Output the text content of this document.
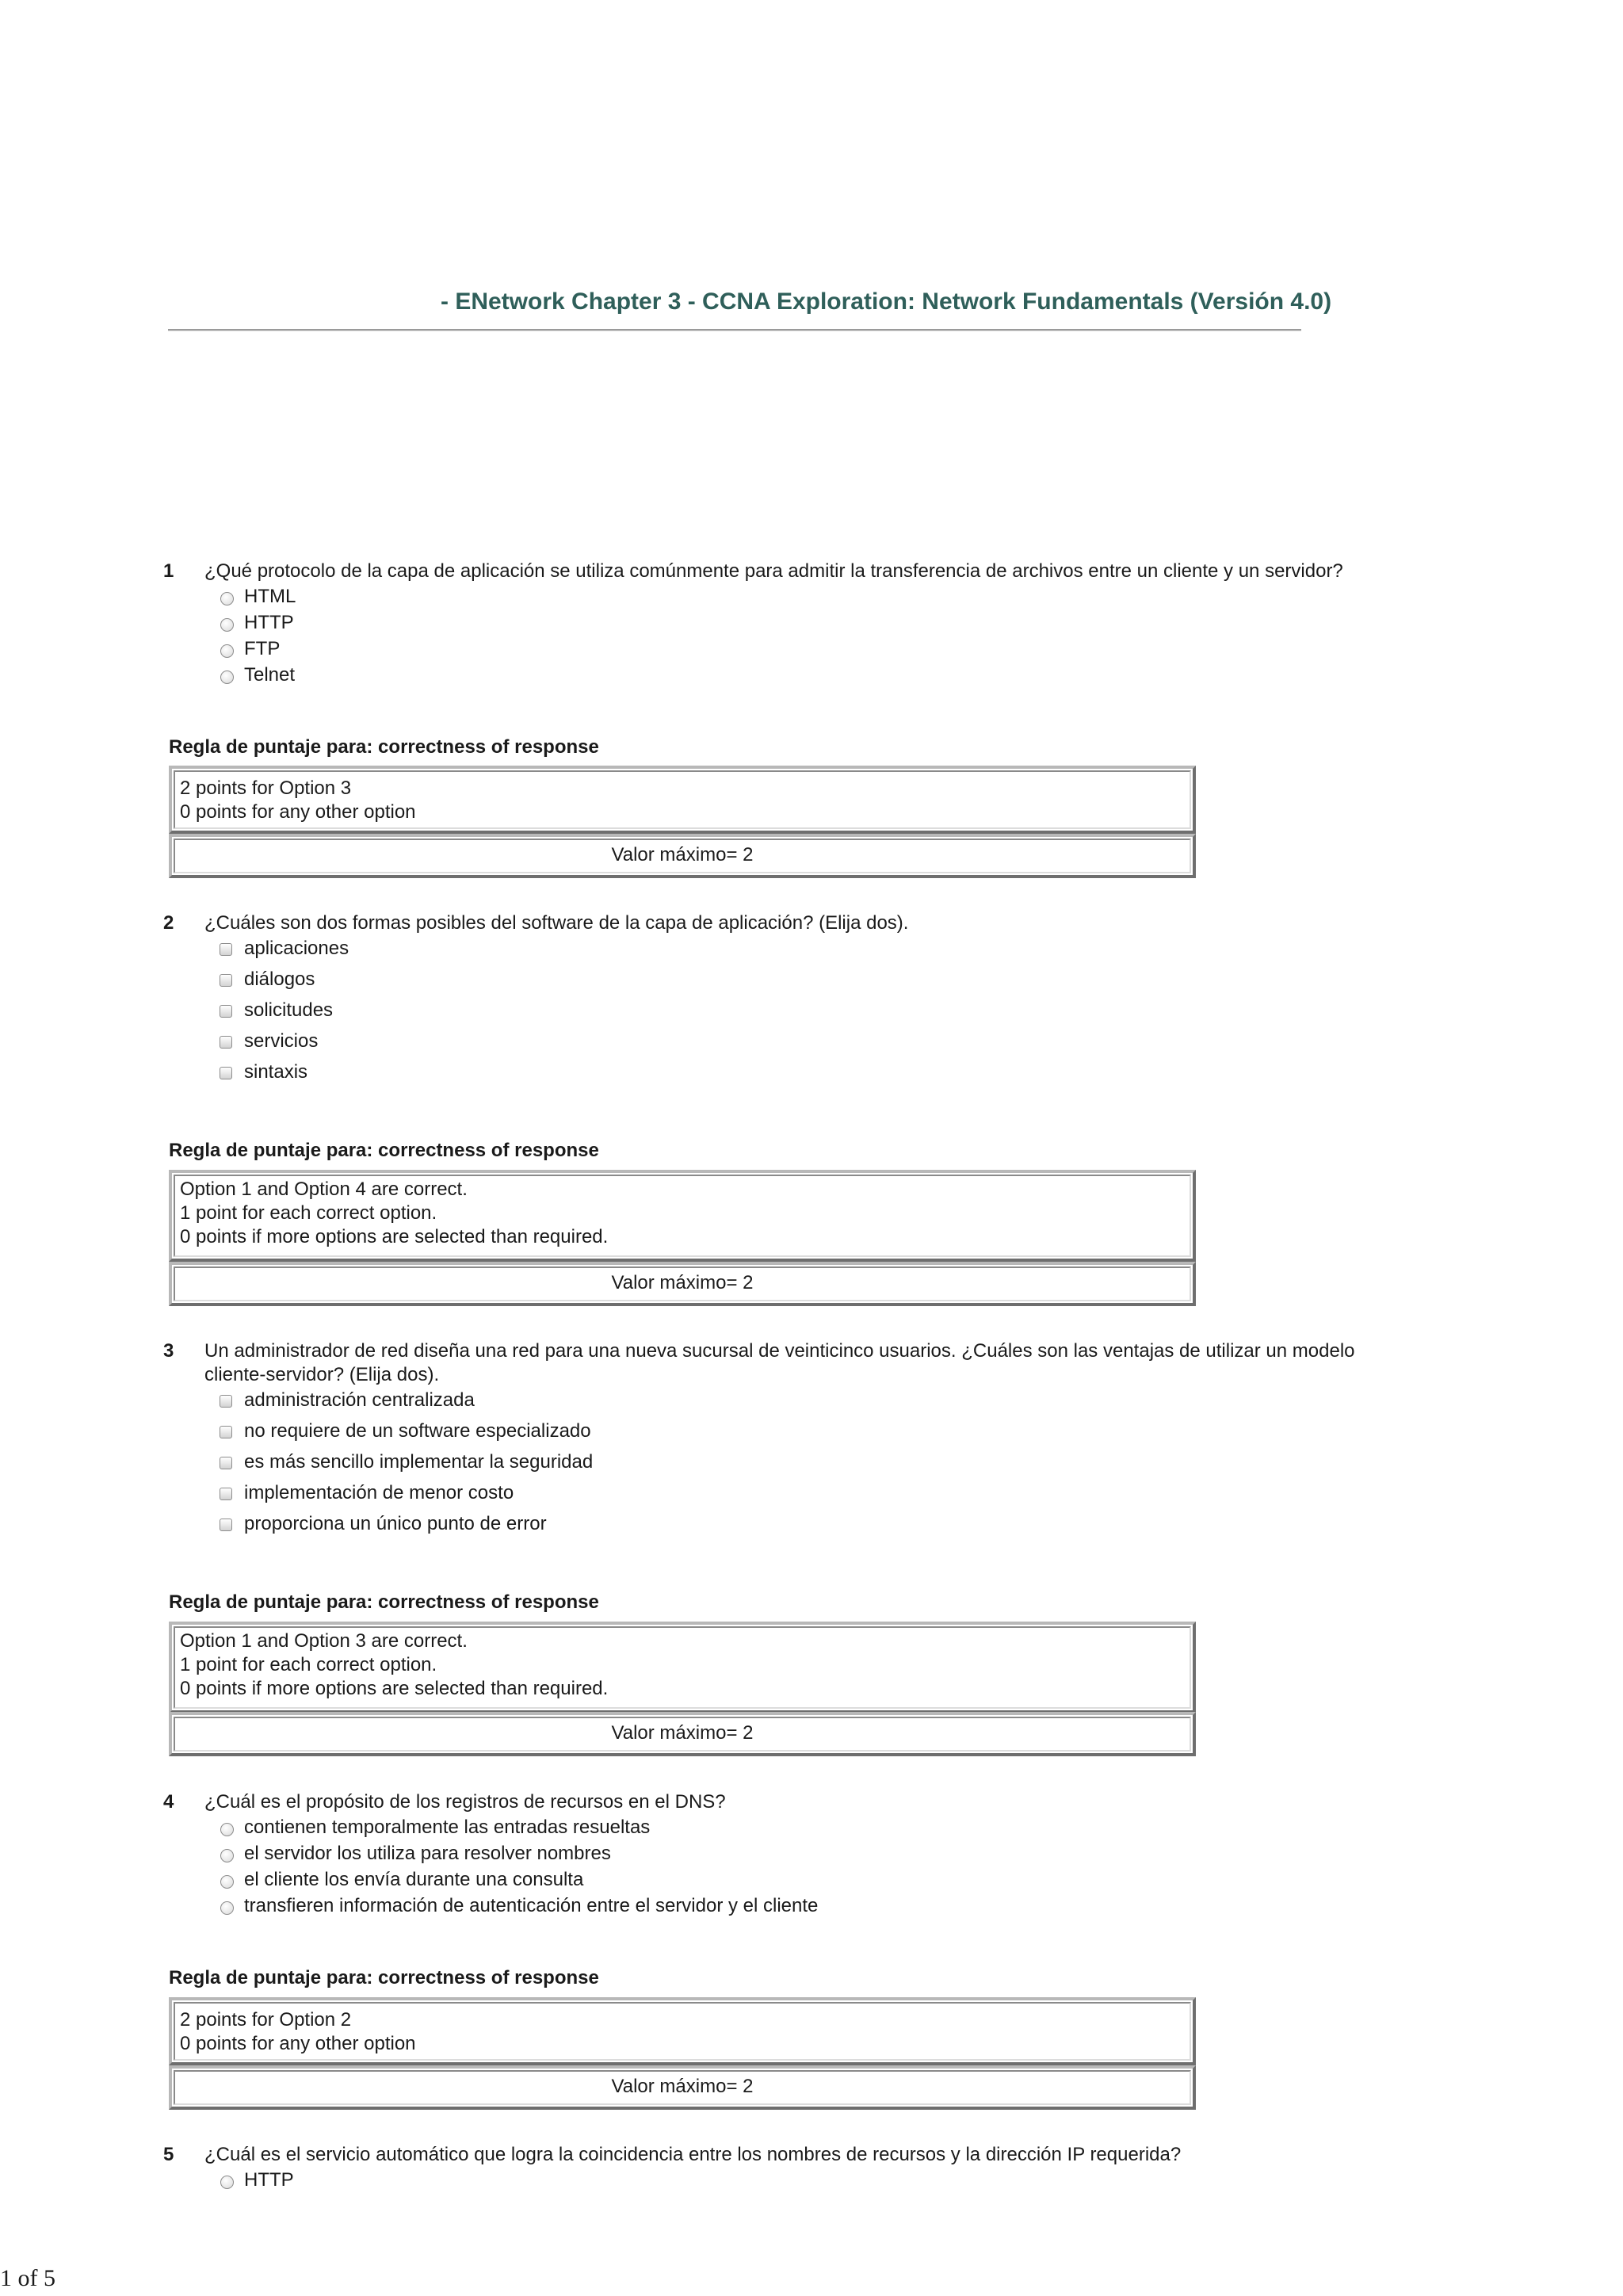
- ENetwork Chapter 3 - CCNA Exploration: Network Fundamentals (Versión 4.0)
1	¿Qué protocolo de la capa de aplicación se utiliza comúnmente para admitir la transferencia de archivos entre un cliente y un servidor?
HTML
HTTP
FTP
Telnet
Regla de puntaje para: correctness of response
2 points for Option 3
0 points for any other option
Valor máximo= 2
2	¿Cuáles son dos formas posibles del software de la capa de aplicación? (Elija dos).
aplicaciones
diálogos
solicitudes
servicios
sintaxis
Regla de puntaje para: correctness of response
Option 1 and Option 4 are correct.
1 point for each correct option.
0 points if more options are selected than required.
Valor máximo= 2
3	Un administrador de red diseña una red para una nueva sucursal de veinticinco usuarios. ¿Cuáles son las ventajas de utilizar un modelo
cliente-servidor? (Elija dos).
administración centralizada
no requiere de un software especializado
es más sencillo implementar la seguridad
implementación de menor costo
proporciona un único punto de error
Regla de puntaje para: correctness of response
Option 1 and Option 3 are correct.
1 point for each correct option.
0 points if more options are selected than required.
Valor máximo= 2
4	¿Cuál es el propósito de los registros de recursos en el DNS?
contienen temporalmente las entradas resueltas
el servidor los utiliza para resolver nombres
el cliente los envía durante una consulta
transfieren información de autenticación entre el servidor y el cliente
Regla de puntaje para: correctness of response
2 points for Option 2
0 points for any other option
Valor máximo= 2
5	¿Cuál es el servicio automático que logra la coincidencia entre los nombres de recursos y la dirección IP requerida?
HTTP
1 of 5
